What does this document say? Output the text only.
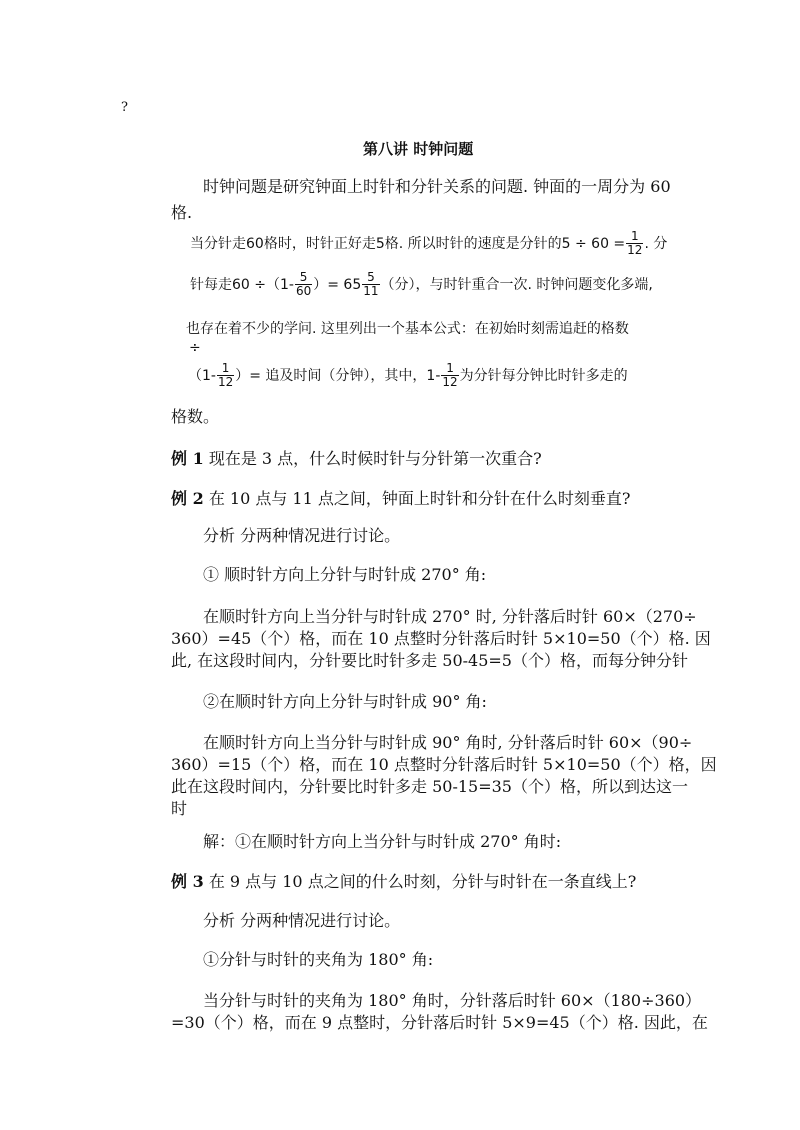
?
第八讲 时钟问题
时钟问题是研究钟面上时针和分针关系的问题. 钟面的一周分为 60
格.
当分针走60格时，时针正好走5格. 所以时针的速度是分针的$5 \div 60 = \frac{1}{12}$ . 分
针每走$60 \div(1- \frac{5}{60}$ ）= $65 \frac{5}{11}$ （分），与时针重合一次. 时钟问题变化多端,
也存在着不少的学问. 这里列出一个基本公式：在初始时刻需追赶的格数
÷
（$1- \frac{1}{12}$ ）= 追及时间（分钟），其中，$1- \frac{1}{12}$ 为分针每分钟比时针多走的
格数。
例 1 现在是 3 点，什么时候时针与分针第一次重合?
例 2 在 10 点与 11 点之间，钟面上时针和分针在什么时刻垂直?
分析 分两种情况进行讨论。
① 顺时针方向上分针与时针成 270° 角:
在顺时针方向上当分针与时针成 270° 时, 分针落后时针 60×（270÷
360）=45（个）格，而在 10 点整时分针落后时针 5×10=50（个）格. 因
此, 在这段时间内，分针要比时针多走 50-45=5（个）格，而每分钟分针
②在顺时针方向上分针与时针成 90° 角:
在顺时针方向上当分针与时针成 90° 角时, 分针落后时针 60×（90÷
360）=15（个）格，而在 10 点整时分针落后时针 5×10=50（个）格，因
此在这段时间内，分针要比时针多走 50-15=35（个）格，所以到达这一
时
解：①在顺时针方向上当分针与时针成 270° 角时:
例 3 在 9 点与 10 点之间的什么时刻，分针与时针在一条直线上?
分析 分两种情况进行讨论。
①分针与时针的夹角为 180° 角:
当分针与时针的夹角为 180° 角时，分针落后时针 60×（180÷360）
=30（个）格，而在 9 点整时，分针落后时针 5×9=45（个）格. 因此，在
